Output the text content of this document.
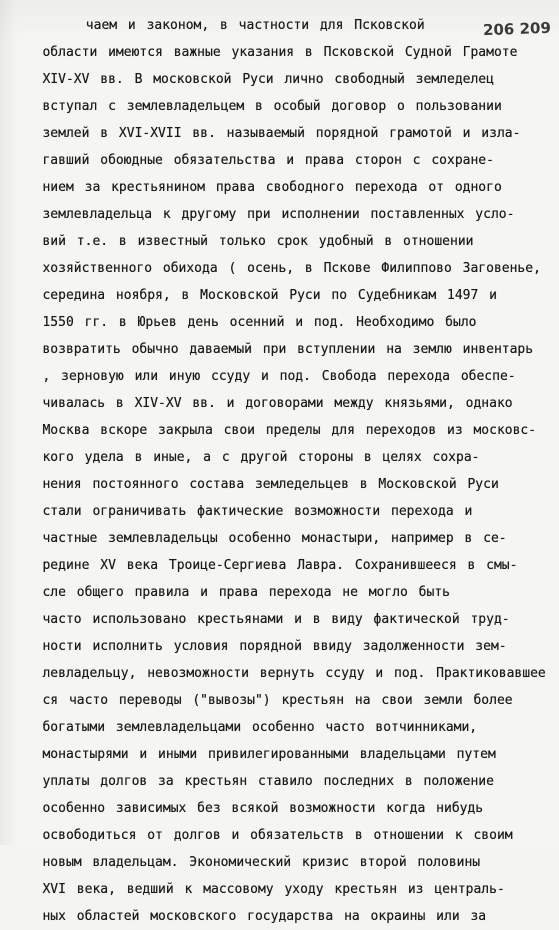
206 209
чаем и законом, в частности для Псковской
области имеются важные указания в Псковской Судной Грамоте
XIV-XV вв. В московской Руси лично свободный земледелец
вступал с землевладельцем в особый договор о пользовании
землей в XVI-XVII вв. называемый порядной грамотой и изла-
гавший обоюдные обязательства и права сторон с сохране-
нием за крестьянином права свободного перехода от одного
землевладельца к другому при исполнении поставленных усло-
вий т.е. в известный только срок удобный в отношении
хозяйственного обихода ( осень, в Пскове Филиппово Заговенье,
середина ноября, в Московской Руси по Судебникам 1497 и
1550 гг. в Юрьев день осенний и под. Необходимо было
возвратить обычно даваемый при вступлении на землю инвентарь
, зерновую или иную ссуду и под. Свобода перехода обеспе-
чивалась в XIV-XV вв. и договорами между князьями, однако
Москва вскоре закрыла свои пределы для переходов из московс-
кого удела в иные, а с другой стороны в целях сохра-
нения постоянного состава земледельцев в Московской Руси
стали ограничивать фактические возможности перехода и
частные землевладельцы особенно монастыри, например в се-
редине XV века Троице-Сергиева Лавра. Сохранившееся в смы-
сле общего правила и права перехода не могло быть
часто использовано крестьянами и в виду фактической труд-
ности исполнить условия порядной ввиду задолженности зем-
левладельцу, невозможности вернуть ссуду и под. Практиковавшее
ся часто переводы ("вывозы") крестьян на свои земли более
богатыми землевладельцами особенно часто вотчинниками,
монастырями и иными привилегированными владельцами путем
уплаты долгов за крестьян ставило последних в положение
особенно зависимых без всякой возможности когда нибудь
освободиться от долгов и обязательств в отношении к своим
новым владельцам. Экономический кризис второй половины
XVI века, ведший к массовому уходу крестьян из централь-
ных областей московского государства на окраины или за
